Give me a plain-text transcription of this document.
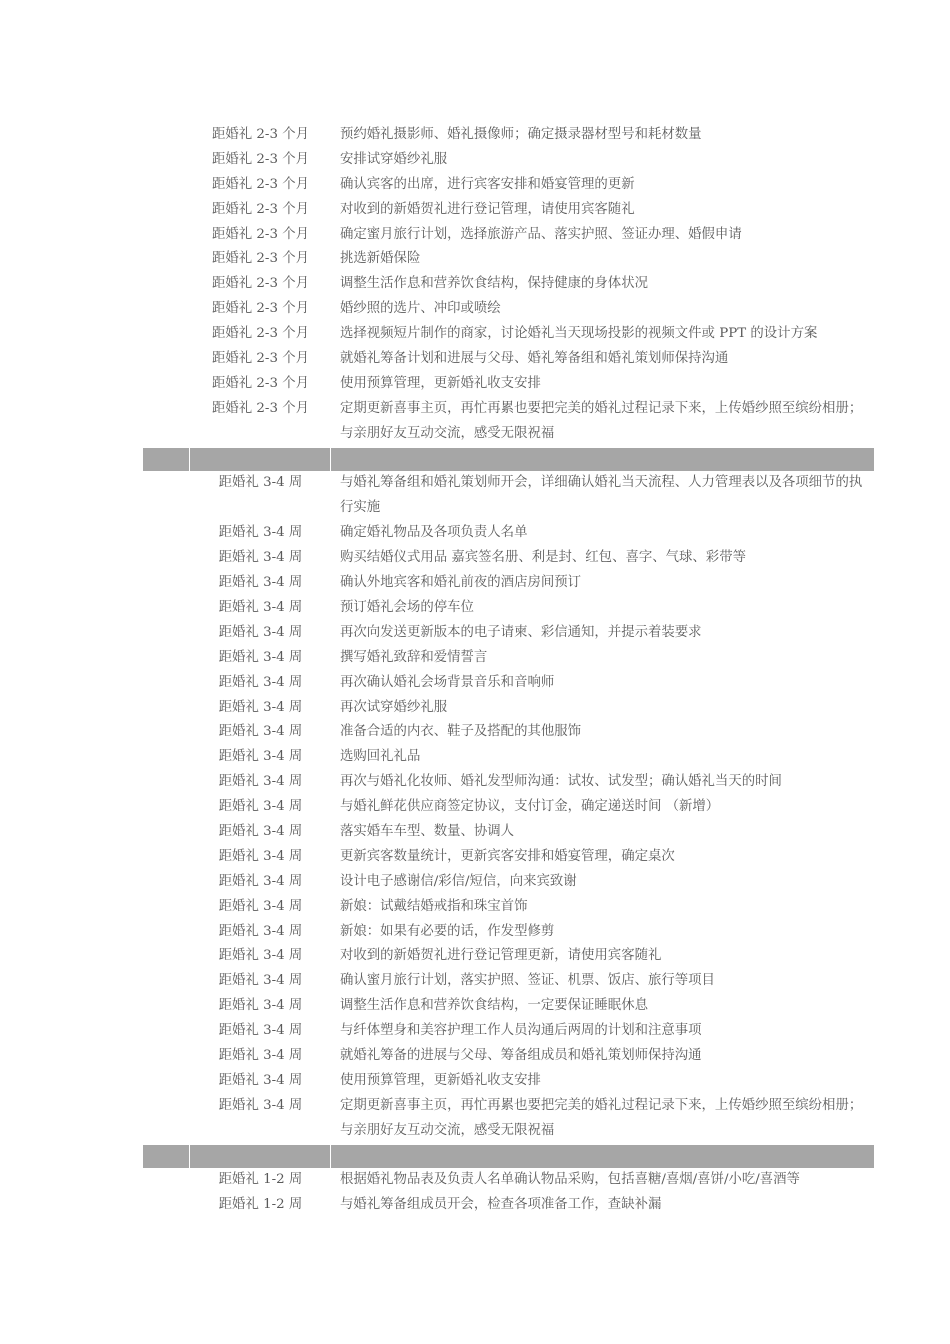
距婚礼 2-3 个月	预约婚礼摄影师、婚礼摄像师；确定摄录器材型号和耗材数量
距婚礼 2-3 个月	安排试穿婚纱礼服
距婚礼 2-3 个月	确认宾客的出席，进行宾客安排和婚宴管理的更新
距婚礼 2-3 个月	对收到的新婚贺礼进行登记管理，请使用宾客随礼
距婚礼 2-3 个月	确定蜜月旅行计划，选择旅游产品、落实护照、签证办理、婚假申请
距婚礼 2-3 个月	挑选新婚保险
距婚礼 2-3 个月	调整生活作息和营养饮食结构，保持健康的身体状况
距婚礼 2-3 个月	婚纱照的选片、冲印或喷绘
距婚礼 2-3 个月	选择视频短片制作的商家，讨论婚礼当天现场投影的视频文件或 PPT 的设计方案
距婚礼 2-3 个月	就婚礼筹备计划和进展与父母、婚礼筹备组和婚礼策划师保持沟通
距婚礼 2-3 个月	使用预算管理，更新婚礼收支安排
距婚礼 2-3 个月	定期更新喜事主页，再忙再累也要把完美的婚礼过程记录下来，上传婚纱照至缤纷相册；与亲朋好友互动交流，感受无限祝福
距婚礼 3-4 周	与婚礼筹备组和婚礼策划师开会，详细确认婚礼当天流程、人力管理表以及各项细节的执行实施
距婚礼 3-4 周	确定婚礼物品及各项负责人名单
距婚礼 3-4 周	购买结婚仪式用品 嘉宾签名册、利是封、红包、喜字、气球、彩带等
距婚礼 3-4 周	确认外地宾客和婚礼前夜的酒店房间预订
距婚礼 3-4 周	预订婚礼会场的停车位
距婚礼 3-4 周	再次向发送更新版本的电子请柬、彩信通知，并提示着装要求
距婚礼 3-4 周	撰写婚礼致辞和爱情誓言
距婚礼 3-4 周	再次确认婚礼会场背景音乐和音响师
距婚礼 3-4 周	再次试穿婚纱礼服
距婚礼 3-4 周	准备合适的内衣、鞋子及搭配的其他服饰
距婚礼 3-4 周	选购回礼礼品
距婚礼 3-4 周	再次与婚礼化妆师、婚礼发型师沟通：试妆、试发型；确认婚礼当天的时间
距婚礼 3-4 周	与婚礼鲜花供应商签定协议，支付订金，确定递送时间 （新增）
距婚礼 3-4 周	落实婚车车型、数量、协调人
距婚礼 3-4 周	更新宾客数量统计，更新宾客安排和婚宴管理，确定桌次
距婚礼 3-4 周	设计电子感谢信/彩信/短信，向来宾致谢
距婚礼 3-4 周	新娘：试戴结婚戒指和珠宝首饰
距婚礼 3-4 周	新娘：如果有必要的话，作发型修剪
距婚礼 3-4 周	对收到的新婚贺礼进行登记管理更新，请使用宾客随礼
距婚礼 3-4 周	确认蜜月旅行计划，落实护照、签证、机票、饭店、旅行等项目
距婚礼 3-4 周	调整生活作息和营养饮食结构，一定要保证睡眠休息
距婚礼 3-4 周	与纤体塑身和美容护理工作人员沟通后两周的计划和注意事项
距婚礼 3-4 周	就婚礼筹备的进展与父母、筹备组成员和婚礼策划师保持沟通
距婚礼 3-4 周	使用预算管理，更新婚礼收支安排
距婚礼 3-4 周	定期更新喜事主页，再忙再累也要把完美的婚礼过程记录下来，上传婚纱照至缤纷相册；与亲朋好友互动交流，感受无限祝福
距婚礼 1-2 周	根据婚礼物品表及负责人名单确认物品采购，包括喜糖/喜烟/喜饼/小吃/喜酒等
距婚礼 1-2 周	与婚礼筹备组成员开会，检查各项准备工作，查缺补漏
